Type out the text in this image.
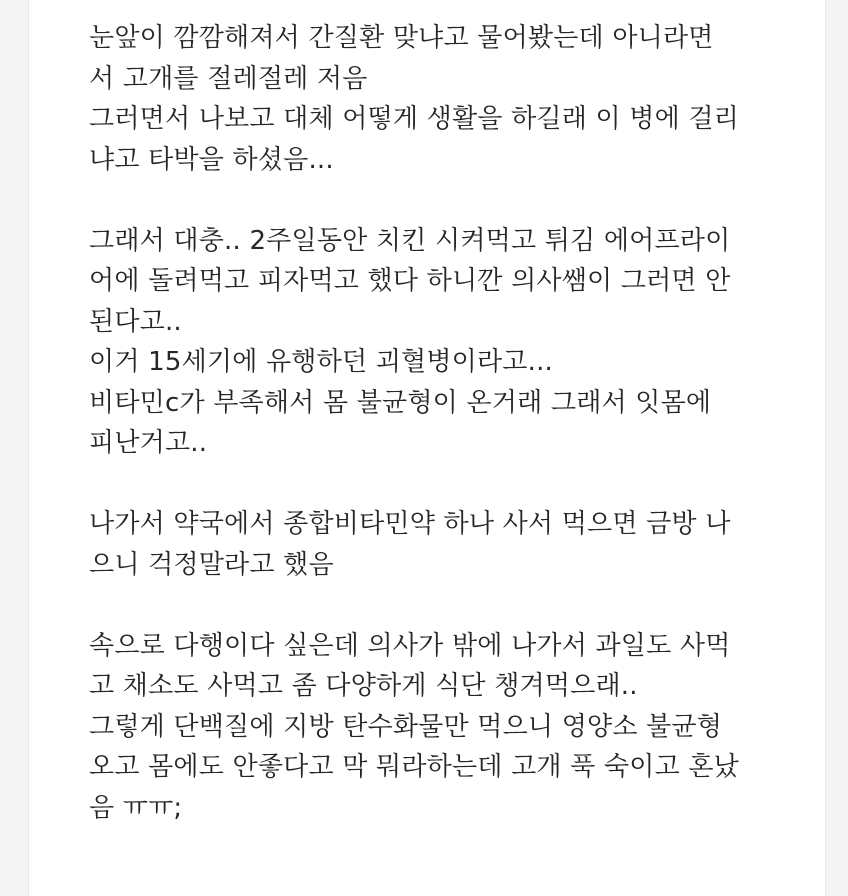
눈앞이 깜깜해져서 간질환 맞냐고 물어봤는데 아니라면
서 고개를 절레절레 저음
그러면서 나보고 대체 어떻게 생활을 하길래 이 병에 걸리
냐고 타박을 하셨음...
그래서 대충.. 2주일동안 치킨 시켜먹고 튀김 에어프라이
어에 돌려먹고 피자먹고 했다 하니깐 의사쌤이 그러면 안
된다고..
이거 15세기에 유행하던 괴혈병이라고...
비타민c가 부족해서 몸 불균형이 온거래 그래서 잇몸에
피난거고..
나가서 약국에서 종합비타민약 하나 사서 먹으면 금방 나
으니 걱정말라고 했음
속으로 다행이다 싶은데 의사가 밖에 나가서 과일도 사먹
고 채소도 사먹고 좀 다양하게 식단 챙겨먹으래..
그렇게 단백질에 지방 탄수화물만 먹으니 영양소 불균형
오고 몸에도 안좋다고 막 뭐라하는데 고개 푹 숙이고 혼났
음 ㅠㅠ;
